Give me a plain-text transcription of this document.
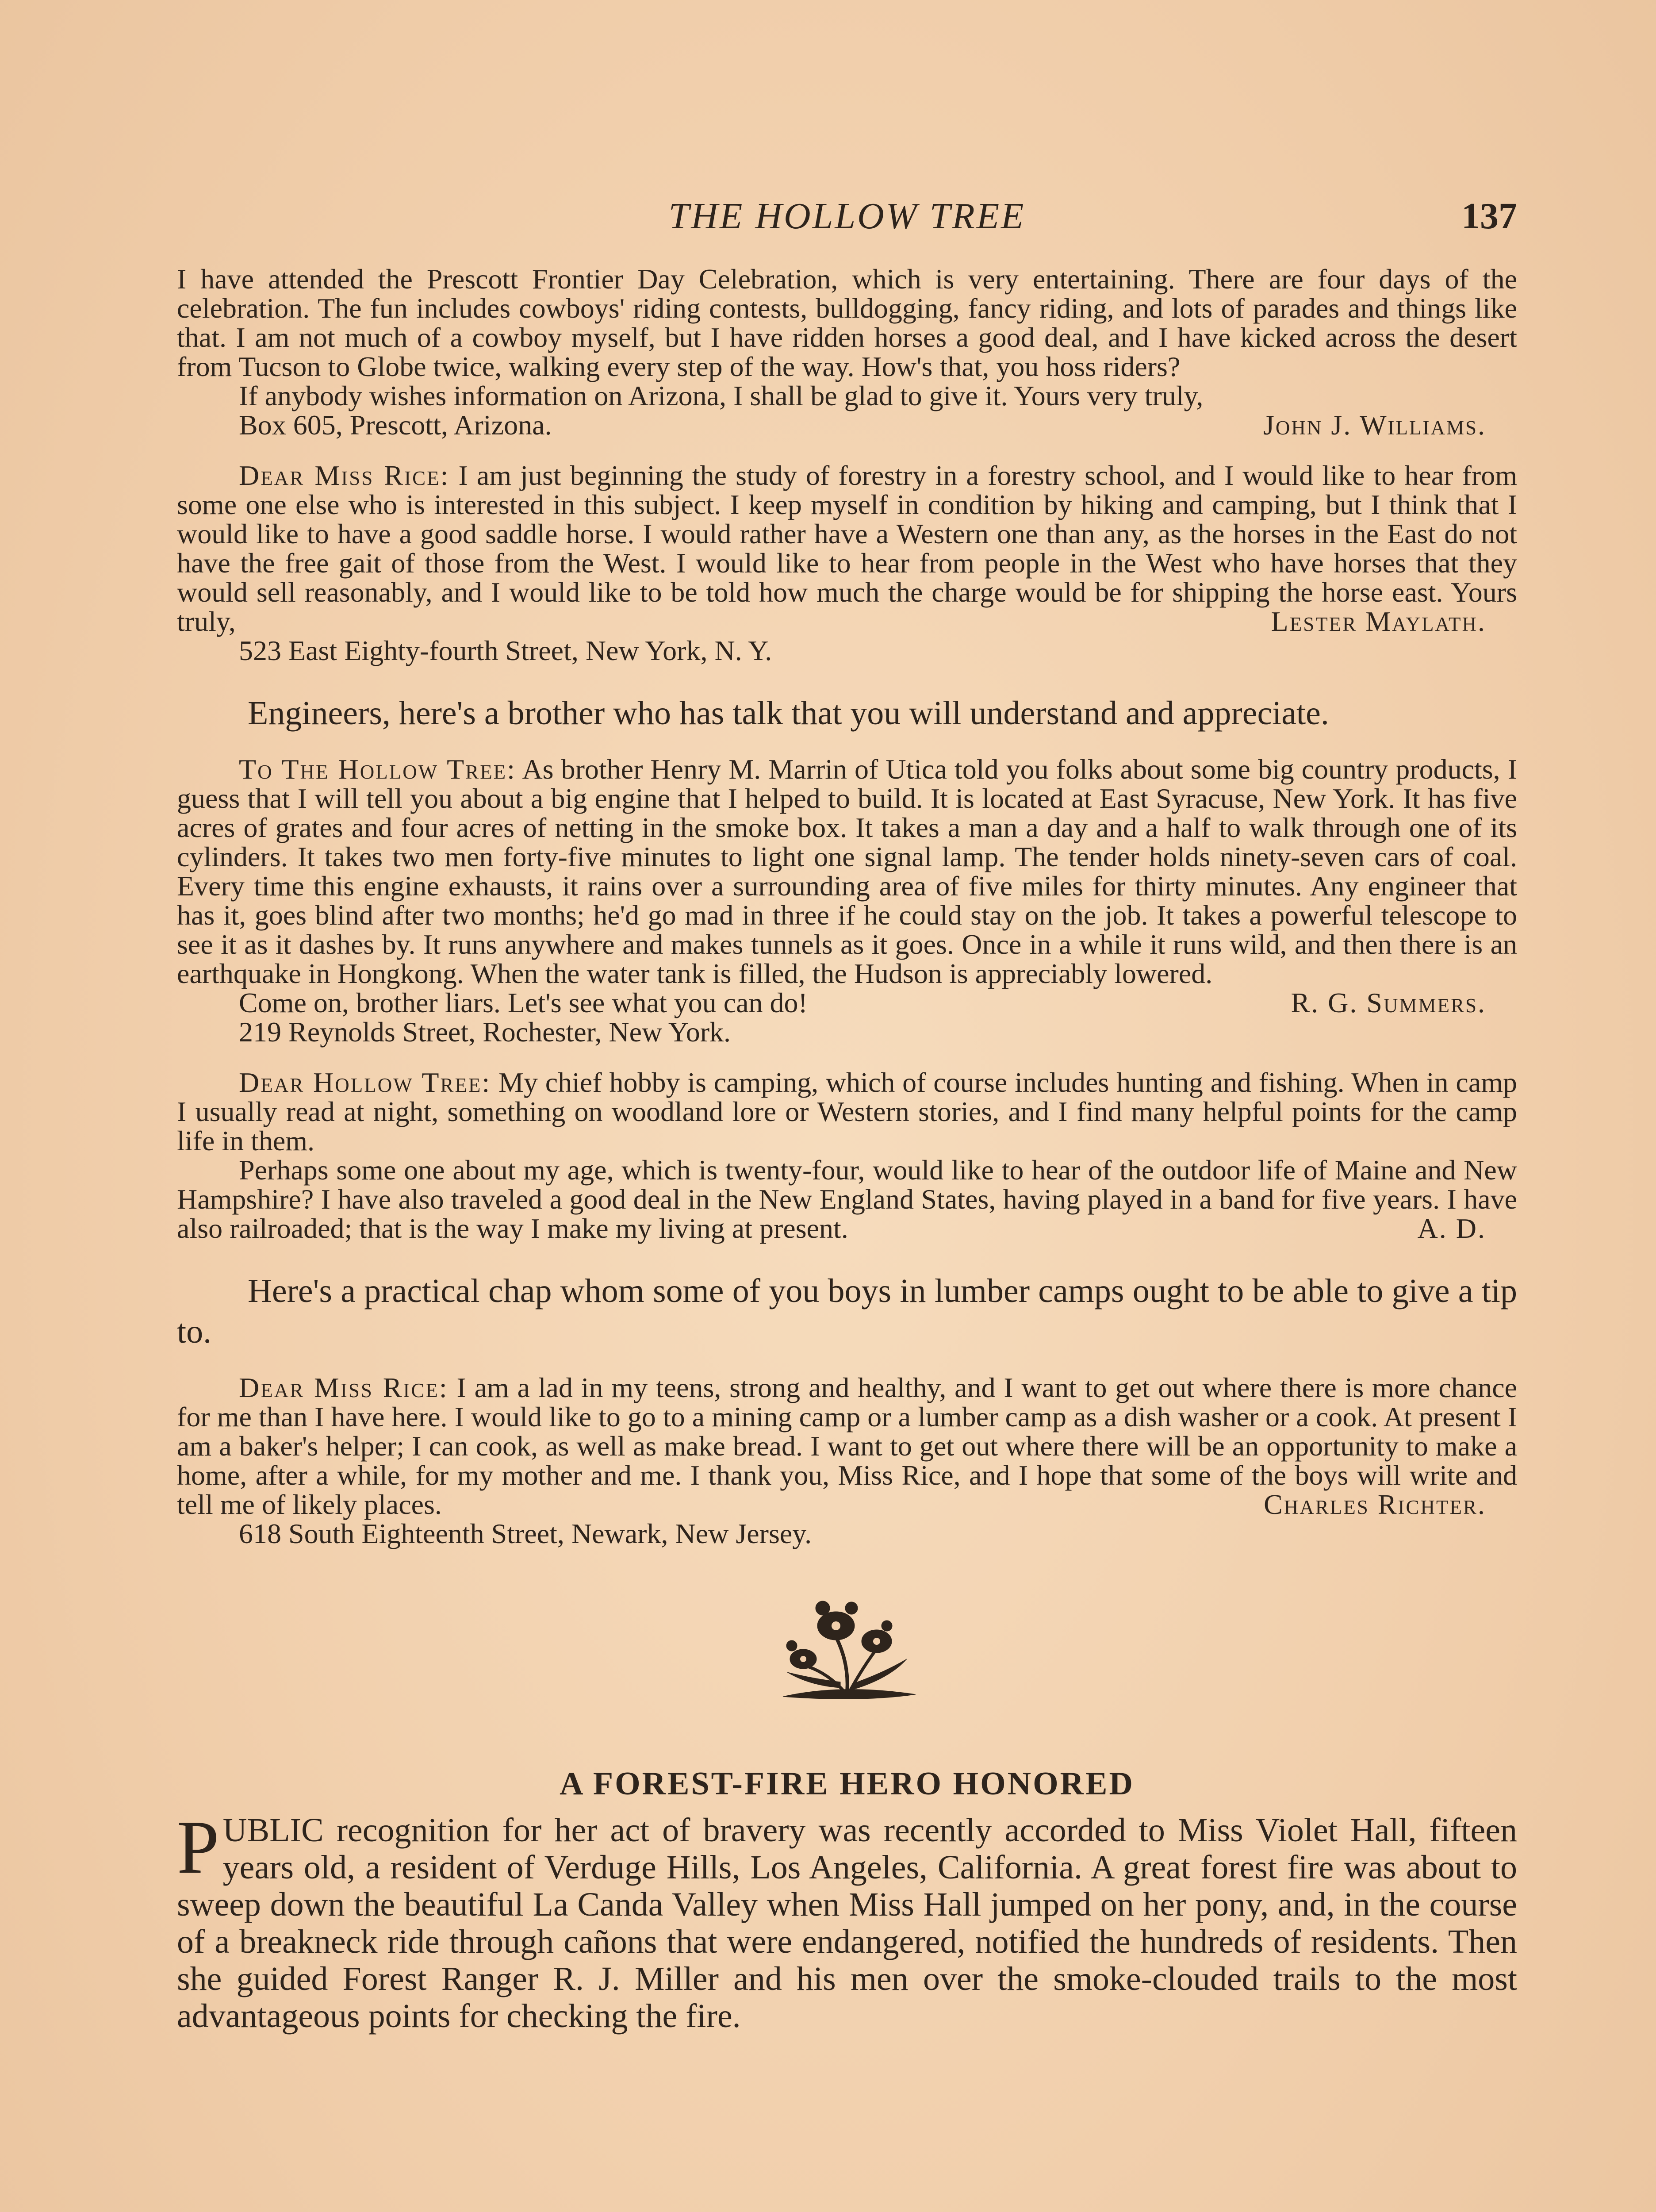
THE HOLLOW TREE	137

I have attended the Prescott Frontier Day Celebration, which is very entertaining. There are four days of the celebration. The fun includes cowboys' riding contests, bulldogging, fancy riding, and lots of parades and things like that. I am not much of a cowboy myself, but I have ridden horses a good deal, and I have kicked across the desert from Tucson to Globe twice, walking every step of the way. How's that, you hoss riders?

If anybody wishes information on Arizona, I shall be glad to give it. Yours very truly,

Box 605, Prescott, Arizona.	John J. Williams.

Dear Miss Rice: I am just beginning the study of forestry in a forestry school, and I would like to hear from some one else who is interested in this subject. I keep myself in condition by hiking and camping, but I think that I would like to have a good saddle horse. I would rather have a Western one than any, as the horses in the East do not have the free gait of those from the West. I would like to hear from people in the West who have horses that they would sell reasonably, and I would like to be told how much the charge would be for shipping the horse east. Yours truly,	Lester Maylath.

523 East Eighty-fourth Street, New York, N. Y.

Engineers, here's a brother who has talk that you will understand and appreciate.

To The Hollow Tree: As brother Henry M. Marrin of Utica told you folks about some big country products, I guess that I will tell you about a big engine that I helped to build. It is located at East Syracuse, New York. It has five acres of grates and four acres of netting in the smoke box. It takes a man a day and a half to walk through one of its cylinders. It takes two men forty-five minutes to light one signal lamp. The tender holds ninety-seven cars of coal. Every time this engine exhausts, it rains over a surrounding area of five miles for thirty minutes. Any engineer that has it, goes blind after two months; he'd go mad in three if he could stay on the job. It takes a powerful telescope to see it as it dashes by. It runs anywhere and makes tunnels as it goes. Once in a while it runs wild, and then there is an earthquake in Hongkong. When the water tank is filled, the Hudson is appreciably lowered.

Come on, brother liars. Let's see what you can do!	R. G. Summers.
219 Reynolds Street, Rochester, New York.

Dear Hollow Tree: My chief hobby is camping, which of course includes hunting and fishing. When in camp I usually read at night, something on woodland lore or Western stories, and I find many helpful points for the camp life in them.

Perhaps some one about my age, which is twenty-four, would like to hear of the outdoor life of Maine and New Hampshire? I have also traveled a good deal in the New England States, having played in a band for five years. I have also railroaded; that is the way I make my living at present.	A. D.

Here's a practical chap whom some of you boys in lumber camps ought to be able to give a tip to.

Dear Miss Rice: I am a lad in my teens, strong and healthy, and I want to get out where there is more chance for me than I have here. I would like to go to a mining camp or a lumber camp as a dish washer or a cook. At present I am a baker's helper; I can cook, as well as make bread. I want to get out where there will be an opportunity to make a home, after a while, for my mother and me. I thank you, Miss Rice, and I hope that some of the boys will write and tell me of likely places.	Charles Richter.

618 South Eighteenth Street, Newark, New Jersey.
A FOREST-FIRE HERO HONORED

PUBLIC recognition for her act of bravery was recently accorded to Miss Violet Hall, fifteen years old, a resident of Verduge Hills, Los Angeles, California. A great forest fire was about to sweep down the beautiful La Canda Valley when Miss Hall jumped on her pony, and, in the course of a breakneck ride through cañons that were endangered, notified the hundreds of residents. Then she guided Forest Ranger R. J. Miller and his men over the smoke-clouded trails to the most advantageous points for checking the fire.
